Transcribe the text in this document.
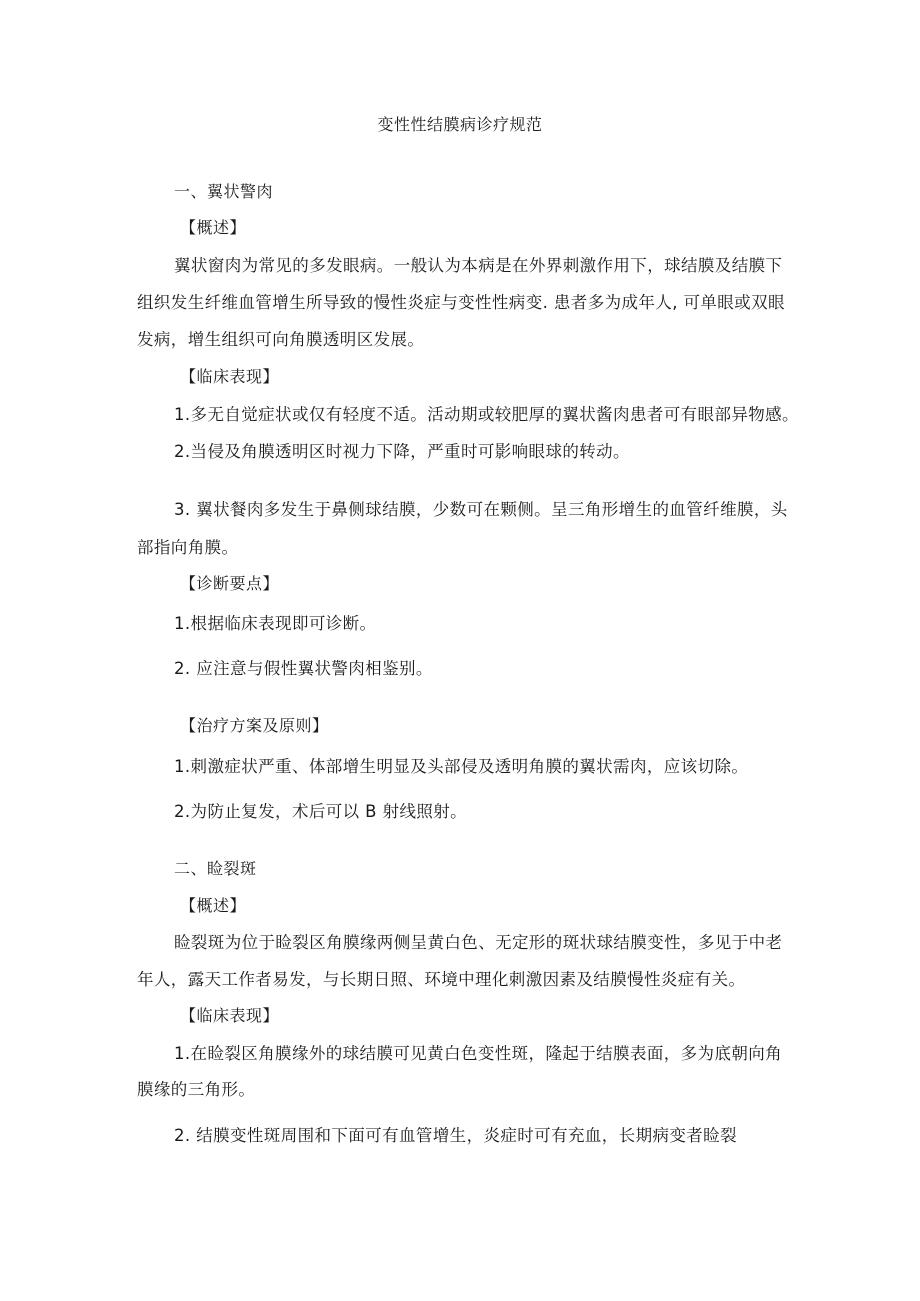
变性性结膜病诊疗规范
一、翼状警肉
【概述】
翼状窗肉为常见的多发眼病。一般认为本病是在外界刺激作用下，球结膜及结膜下
组织发生纤维血管增生所导致的慢性炎症与变性性病变. 患者多为成年人, 可单眼或双眼
发病，增生组织可向角膜透明区发展。
【临床表现】
1.多无自觉症状或仅有轻度不适。活动期或较肥厚的翼状酱肉患者可有眼部异物感。
2.当侵及角膜透明区时视力下降，严重时可影响眼球的转动。
3. 翼状餐肉多发生于鼻侧球结膜，少数可在颗侧。呈三角形增生的血管纤维膜，头
部指向角膜。
【诊断要点】
1.根据临床表现即可诊断。
2. 应注意与假性翼状警肉相鉴别。
【治疗方案及原则】
1.刺激症状严重、体部增生明显及头部侵及透明角膜的翼状需肉，应该切除。
2.为防止复发，术后可以 B 射线照射。
二、睑裂斑
【概述】
睑裂斑为位于睑裂区角膜缘两侧呈黄白色、无定形的斑状球结膜变性，多见于中老
年人，露天工作者易发，与长期日照、环境中理化刺激因素及结膜慢性炎症有关。
【临床表现】
1.在睑裂区角膜缘外的球结膜可见黄白色变性斑，隆起于结膜表面，多为底朝向角
膜缘的三角形。
2. 结膜变性斑周围和下面可有血管增生，炎症时可有充血，长期病变者睑裂
